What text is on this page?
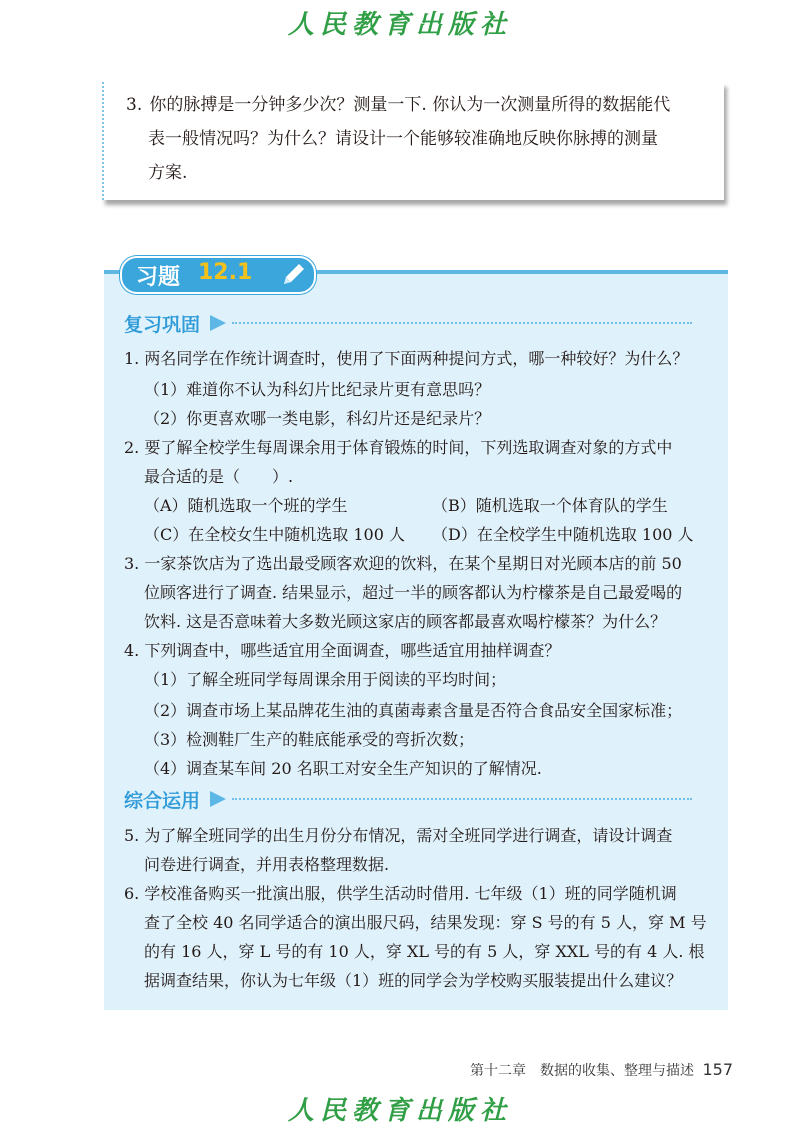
人民教育出版社
3. 你的脉搏是一分钟多少次？测量一下. 你认为一次测量所得的数据能代
表一般情况吗？为什么？请设计一个能够较准确地反映你脉搏的测量
方案.
习题 12.1
复习巩固
1. 两名同学在作统计调查时，使用了下面两种提问方式，哪一种较好？为什么？
（1）难道你不认为科幻片比纪录片更有意思吗？
（2）你更喜欢哪一类电影，科幻片还是纪录片？
2. 要了解全校学生每周课余用于体育锻炼的时间，下列选取调查对象的方式中
最合适的是（　　）.
（A）随机选取一个班的学生	（B）随机选取一个体育队的学生
（C）在全校女生中随机选取 100 人 （D）在全校学生中随机选取 100 人
3. 一家茶饮店为了选出最受顾客欢迎的饮料，在某个星期日对光顾本店的前 50
位顾客进行了调查. 结果显示，超过一半的顾客都认为柠檬茶是自己最爱喝的
饮料. 这是否意味着大多数光顾这家店的顾客都最喜欢喝柠檬茶？为什么？
4. 下列调查中，哪些适宜用全面调查，哪些适宜用抽样调查？
（1）了解全班同学每周课余用于阅读的平均时间；
（2）调查市场上某品牌花生油的真菌毒素含量是否符合食品安全国家标准；
（3）检测鞋厂生产的鞋底能承受的弯折次数；
（4）调查某车间 20 名职工对安全生产知识的了解情况.
综合运用
5. 为了解全班同学的出生月份分布情况，需对全班同学进行调查，请设计调查
问卷进行调查，并用表格整理数据.
6. 学校准备购买一批演出服，供学生活动时借用. 七年级（1）班的同学随机调
查了全校 40 名同学适合的演出服尺码，结果发现：穿 S 号的有 5 人，穿 M 号
的有 16 人，穿 L 号的有 10 人，穿 XL 号的有 5 人，穿 XXL 号的有 4 人. 根
据调查结果，你认为七年级（1）班的同学会为学校购买服装提出什么建议？
第十二章　数据的收集、整理与描述 157
人民教育出版社
